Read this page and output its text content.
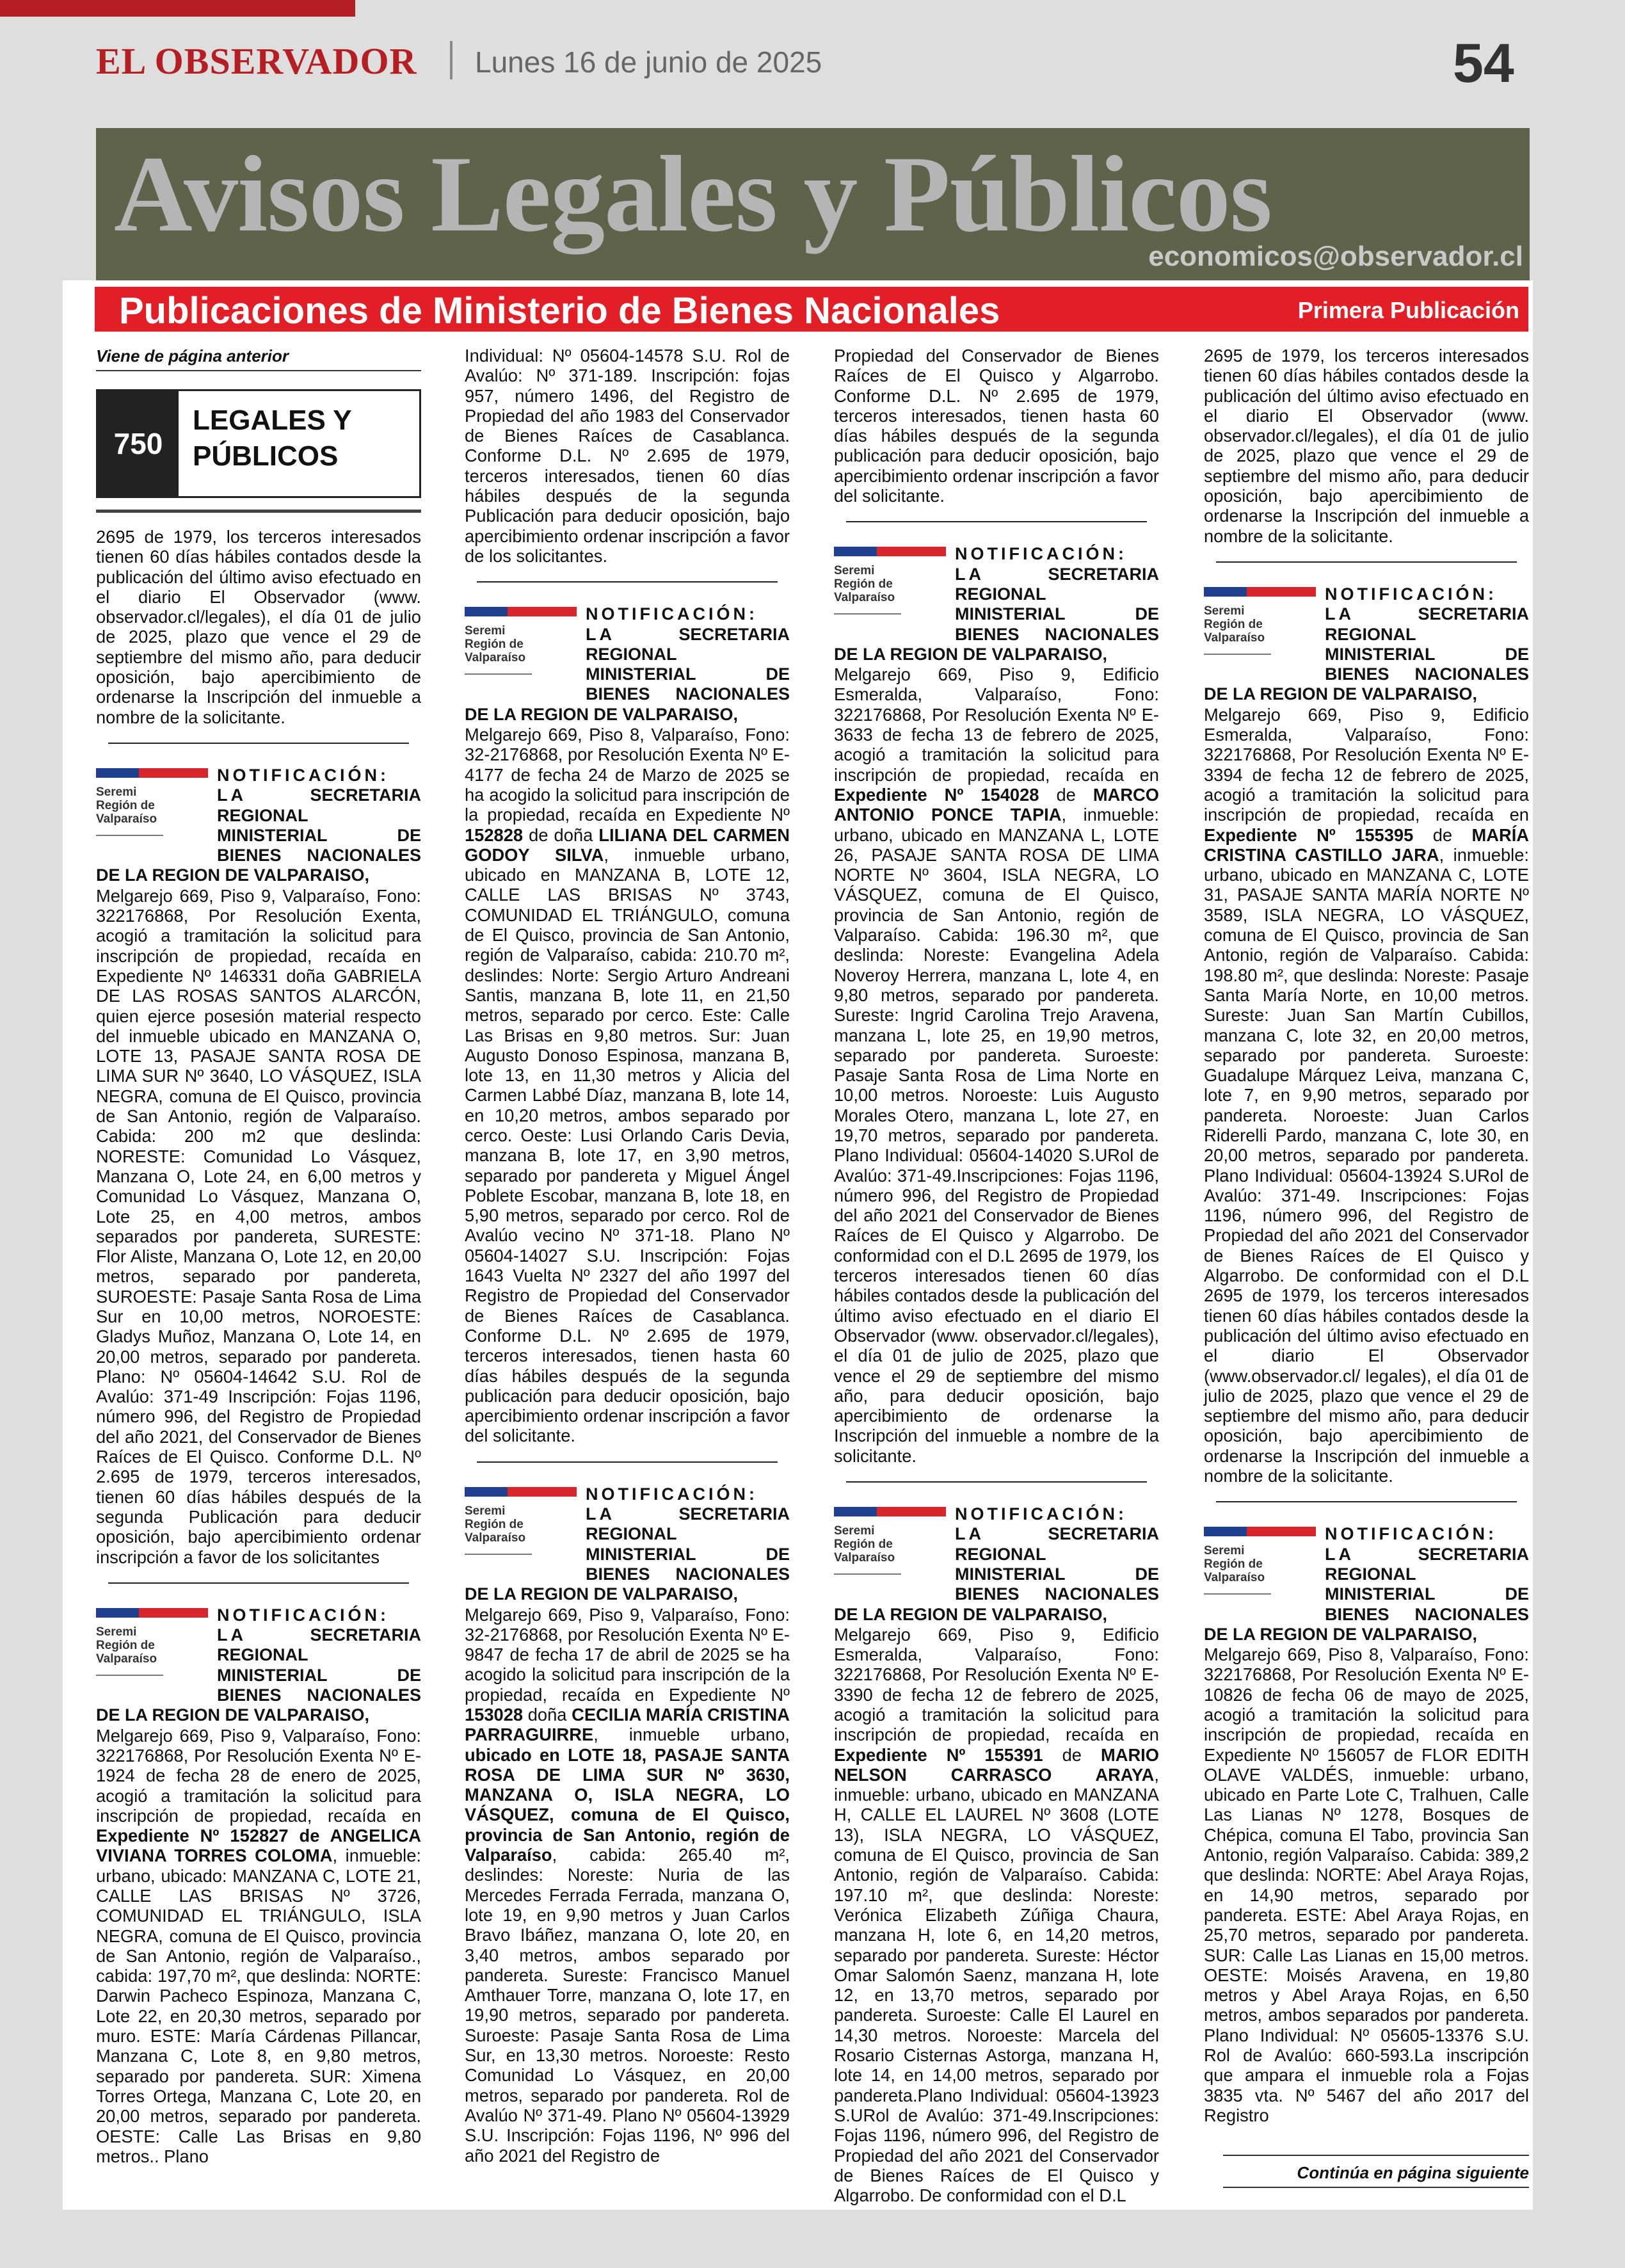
EL OBSERVADOR Lunes 16 de junio de 2025	54
Avisos Legales y Públicos
economicos@observador.cl
Publicaciones de Ministerio de Bienes Nacionales	Primera Publicación
Viene de página anterior
750
LEGALES Y
PÚBLICOS

2695 de 1979, los terceros interesados tienen 60 días hábiles contados desde la publicación del último aviso efectuado en el diario El Observador (www. observador.cl/legales), el día 01 de julio de 2025, plazo que vence el 29 de septiembre del mismo año, para deducir oposición, bajo apercibimiento de ordenarse la Inscripción del inmueble a nombre de la solicitante.

Seremi
Región de
Valparaíso
NOTIFICACIÓN: LA	SECRETARIA REGIONAL MINISTERIAL DE BIENES NACIONALES DE LA REGION DE VALPARAISO,

Melgarejo 669, Piso 9, Valparaíso, Fono: 322176868, Por Resolución Exenta, acogió a tramitación la solicitud para inscripción de propiedad, recaída en Expediente Nº 146331 doña GABRIELA DE LAS ROSAS SANTOS ALARCÓN, quien ejerce posesión material respecto del inmueble ubicado en MANZANA O, LOTE 13, PASAJE SANTA ROSA DE LIMA SUR Nº 3640, LO VÁSQUEZ, ISLA NEGRA, comuna de El Quisco, provincia de San Antonio, región de Valparaíso. Cabida: 200 m2 que deslinda: NORESTE: Comunidad Lo Vásquez, Manzana O, Lote 24, en 6,00 metros y Comunidad Lo Vásquez, Manzana O, Lote 25, en 4,00 metros, ambos separados por pandereta, SURESTE: Flor Aliste, Manzana O, Lote 12, en 20,00 metros, separado por pandereta, SUROESTE: Pasaje Santa Rosa de Lima Sur en 10,00 metros, NOROESTE: Gladys Muñoz, Manzana O, Lote 14, en 20,00 metros, separado por pandereta. Plano: Nº 05604-14642 S.U. Rol de Avalúo: 371-49 Inscripción: Fojas 1196, número 996, del Registro de Propiedad del año 2021, del Conservador de Bienes Raíces de El Quisco. Conforme D.L. Nº 2.695 de 1979, terceros interesados, tienen 60 días hábiles después de la segunda Publicación para deducir oposición, bajo apercibimiento ordenar inscripción a favor de los solicitantes

Seremi
Región de
Valparaíso
NOTIFICACIÓN: LA	SECRETARIA REGIONAL MINISTERIAL DE BIENES NACIONALES DE LA REGION DE VALPARAISO,

Melgarejo 669, Piso 9, Valparaíso, Fono: 322176868, Por Resolución Exenta Nº E-1924 de fecha 28 de enero de 2025, acogió a tramitación la solicitud para inscripción de propiedad, recaída en Expediente Nº 152827 de ANGELICA VIVIANA TORRES COLOMA, inmueble: urbano, ubicado: MANZANA C, LOTE 21, CALLE LAS BRISAS Nº 3726, COMUNIDAD EL TRIÁNGULO, ISLA NEGRA, comuna de El Quisco, provincia de San Antonio, región de Valparaíso., cabida: 197,70 m², que deslinda: NORTE: Darwin Pacheco Espinoza, Manzana C, Lote 22, en 20,30 metros, separado por muro. ESTE: María Cárdenas Pillancar, Manzana C, Lote 8, en 9,80 metros, separado por pandereta. SUR: Ximena Torres Ortega, Manzana C, Lote 20, en 20,00 metros, separado por pandereta. OESTE: Calle Las Brisas en 9,80 metros.. Plano

Individual: Nº 05604-14578 S.U. Rol de Avalúo: Nº 371-189. Inscripción: fojas 957, número 1496, del Registro de Propiedad del año 1983 del Conservador de Bienes Raíces de Casablanca. Conforme D.L. Nº 2.695 de 1979, terceros interesados, tienen 60 días hábiles después de la segunda Publicación para deducir oposición, bajo apercibimiento ordenar inscripción a favor de los solicitantes.

Seremi
Región de
Valparaíso
NOTIFICACIÓN: LA	SECRETARIA REGIONAL MINISTERIAL DE BIENES NACIONALES DE LA REGION DE VALPARAISO,

Melgarejo 669, Piso 8, Valparaíso, Fono: 32-2176868, por Resolución Exenta Nº E-4177 de fecha 24 de Marzo de 2025 se ha acogido la solicitud para inscripción de la propiedad, recaída en Expediente Nº 152828 de doña LILIANA DEL CARMEN GODOY SILVA, inmueble urbano, ubicado en MANZANA B, LOTE 12, CALLE LAS BRISAS Nº 3743, COMUNIDAD EL TRIÁNGULO, comuna de El Quisco, provincia de San Antonio, región de Valparaíso, cabida: 210.70 m², deslindes: Norte: Sergio Arturo Andreani Santis, manzana B, lote 11, en 21,50 metros, separado por cerco. Este: Calle Las Brisas en 9,80 metros. Sur: Juan Augusto Donoso Espinosa, manzana B, lote 13, en 11,30 metros y Alicia del Carmen Labbé Díaz, manzana B, lote 14, en 10,20 metros, ambos separado por cerco. Oeste: Lusi Orlando Caris Devia, manzana B, lote 17, en 3,90 metros, separado por pandereta y Miguel Ángel Poblete Escobar, manzana B, lote 18, en 5,90 metros, separado por cerco. Rol de Avalúo vecino Nº 371-18. Plano Nº 05604-14027 S.U. Inscripción: Fojas 1643 Vuelta Nº 2327 del año 1997 del Registro de Propiedad del Conservador de Bienes Raíces de Casablanca. Conforme D.L. Nº 2.695 de 1979, terceros interesados, tienen hasta 60 días hábiles después de la segunda publicación para deducir oposición, bajo apercibimiento ordenar inscripción a favor del solicitante.

Seremi
Región de
Valparaíso
NOTIFICACIÓN: LA	SECRETARIA REGIONAL MINISTERIAL DE BIENES NACIONALES DE LA REGION DE VALPARAISO,

Melgarejo 669, Piso 9, Valparaíso, Fono: 32-2176868, por Resolución Exenta Nº E-9847 de fecha 17 de abril de 2025 se ha acogido la solicitud para inscripción de la propiedad, recaída en Expediente Nº 153028 doña CECILIA MARÍA CRISTINA PARRAGUIRRE, inmueble urbano, ubicado en LOTE 18, PASAJE SANTA ROSA DE LIMA SUR Nº 3630, MANZANA O, ISLA NEGRA, LO VÁSQUEZ, comuna de El Quisco, provincia de San Antonio, región de Valparaíso, cabida: 265.40 m², deslindes: Noreste: Nuria de las Mercedes Ferrada Ferrada, manzana O, lote 19, en 9,90 metros y Juan Carlos Bravo Ibáñez, manzana O, lote 20, en 3,40 metros, ambos separado por pandereta. Sureste: Francisco Manuel Amthauer Torre, manzana O, lote 17, en 19,90 metros, separado por pandereta. Suroeste: Pasaje Santa Rosa de Lima Sur, en 13,30 metros. Noroeste: Resto Comunidad Lo Vásquez, en 20,00 metros, separado por pandereta. Rol de Avalúo Nº 371-49. Plano Nº 05604-13929 S.U. Inscripción: Fojas 1196, Nº 996 del año 2021 del Registro de

Propiedad del Conservador de Bienes Raíces de El Quisco y Algarrobo. Conforme D.L. Nº 2.695 de 1979, terceros interesados, tienen hasta 60 días hábiles después de la segunda publicación para deducir oposición, bajo apercibimiento ordenar inscripción a favor del solicitante.

Seremi
Región de
Valparaíso
NOTIFICACIÓN: LA	SECRETARIA REGIONAL MINISTERIAL DE BIENES NACIONALES DE LA REGION DE VALPARAISO,

Melgarejo 669, Piso 9, Edificio Esmeralda, Valparaíso, Fono: 322176868, Por Resolución Exenta Nº E-3633 de fecha 13 de febrero de 2025, acogió a tramitación la solicitud para inscripción de propiedad, recaída en Expediente Nº 154028 de MARCO ANTONIO PONCE TAPIA, inmueble: urbano, ubicado en MANZANA L, LOTE 26, PASAJE SANTA ROSA DE LIMA NORTE Nº 3604, ISLA NEGRA, LO VÁSQUEZ, comuna de El Quisco, provincia de San Antonio, región de Valparaíso. Cabida: 196.30 m², que deslinda: Noreste: Evangelina Adela Noveroy Herrera, manzana L, lote 4, en 9,80 metros, separado por pandereta. Sureste: Ingrid Carolina Trejo Aravena, manzana L, lote 25, en 19,90 metros, separado por pandereta. Suroeste: Pasaje Santa Rosa de Lima Norte en 10,00 metros. Noroeste: Luis Augusto Morales Otero, manzana L, lote 27, en 19,70 metros, separado por pandereta. Plano Individual: 05604-14020 S.URol de Avalúo: 371-49.Inscripciones: Fojas 1196, número 996, del Registro de Propiedad del año 2021 del Conservador de Bienes Raíces de El Quisco y Algarrobo. De conformidad con el D.L 2695 de 1979, los terceros interesados tienen 60 días hábiles contados desde la publicación del último aviso efectuado en el diario El Observador (www. observador.cl/legales), el día 01 de julio de 2025, plazo que vence el 29 de septiembre del mismo año, para deducir oposición, bajo apercibimiento de ordenarse la Inscripción del inmueble a nombre de la solicitante.

Seremi
Región de
Valparaíso
NOTIFICACIÓN: LA	SECRETARIA REGIONAL MINISTERIAL DE BIENES NACIONALES DE LA REGION DE VALPARAISO,

Melgarejo 669, Piso 9, Edificio Esmeralda, Valparaíso, Fono: 322176868, Por Resolución Exenta Nº E-3390 de fecha 12 de febrero de 2025, acogió a tramitación la solicitud para inscripción de propiedad, recaída en Expediente Nº 155391 de MARIO NELSON CARRASCO ARAYA, inmueble: urbano, ubicado en MANZANA H, CALLE EL LAUREL Nº 3608 (LOTE 13), ISLA NEGRA, LO VÁSQUEZ, comuna de El Quisco, provincia de San Antonio, región de Valparaíso. Cabida: 197.10 m², que deslinda: Noreste: Verónica Elizabeth Zúñiga Chaura, manzana H, lote 6, en 14,20 metros, separado por pandereta. Sureste: Héctor Omar Salomón Saenz, manzana H, lote 12, en 13,70 metros, separado por pandereta. Suroeste: Calle El Laurel en 14,30 metros. Noroeste: Marcela del Rosario Cisternas Astorga, manzana H, lote 14, en 14,00 metros, separado por pandereta.Plano Individual: 05604-13923 S.URol de Avalúo: 371-49.Inscripciones: Fojas 1196, número 996, del Registro de Propiedad del año 2021 del Conservador de Bienes Raíces de El Quisco y Algarrobo. De conformidad con el D.L

2695 de 1979, los terceros interesados tienen 60 días hábiles contados desde la publicación del último aviso efectuado en el diario El Observador (www. observador.cl/legales), el día 01 de julio de 2025, plazo que vence el 29 de septiembre del mismo año, para deducir oposición, bajo apercibimiento de ordenarse la Inscripción del inmueble a nombre de la solicitante.

Seremi
Región de
Valparaíso
NOTIFICACIÓN: LA	SECRETARIA REGIONAL MINISTERIAL DE BIENES NACIONALES DE LA REGION DE VALPARAISO,

Melgarejo 669, Piso 9, Edificio Esmeralda, Valparaíso, Fono: 322176868, Por Resolución Exenta Nº E-3394 de fecha 12 de febrero de 2025, acogió a tramitación la solicitud para inscripción de propiedad, recaída en Expediente Nº 155395 de MARÍA CRISTINA CASTILLO JARA, inmueble: urbano, ubicado en MANZANA C, LOTE 31, PASAJE SANTA MARÍA NORTE Nº 3589, ISLA NEGRA, LO VÁSQUEZ, comuna de El Quisco, provincia de San Antonio, región de Valparaíso. Cabida: 198.80 m², que deslinda: Noreste: Pasaje Santa María Norte, en 10,00 metros. Sureste: Juan San Martín Cubillos, manzana C, lote 32, en 20,00 metros, separado por pandereta. Suroeste: Guadalupe Márquez Leiva, manzana C, lote 7, en 9,90 metros, separado por pandereta. Noroeste: Juan Carlos Riderelli Pardo, manzana C, lote 30, en 20,00 metros, separado por pandereta. Plano Individual: 05604-13924 S.URol de Avalúo: 371-49. Inscripciones: Fojas 1196, número 996, del Registro de Propiedad del año 2021 del Conservador de Bienes Raíces de El Quisco y Algarrobo. De conformidad con el D.L 2695 de 1979, los terceros interesados tienen 60 días hábiles contados desde la publicación del último aviso efectuado en el diario El Observador (www.observador.cl/ legales), el día 01 de julio de 2025, plazo que vence el 29 de septiembre del mismo año, para deducir oposición, bajo apercibimiento de ordenarse la Inscripción del inmueble a nombre de la solicitante.

Seremi
Región de
Valparaíso
NOTIFICACIÓN: LA	SECRETARIA REGIONAL MINISTERIAL DE BIENES NACIONALES DE LA REGION DE VALPARAISO,

Melgarejo 669, Piso 8, Valparaíso, Fono: 322176868, Por Resolución Exenta Nº E-10826 de fecha 06 de mayo de 2025, acogió a tramitación la solicitud para inscripción de propiedad, recaída en Expediente Nº 156057 de FLOR EDITH OLAVE VALDÉS, inmueble: urbano, ubicado en Parte Lote C, Tralhuen, Calle Las Lianas Nº 1278, Bosques de Chépica, comuna El Tabo, provincia San Antonio, región Valparaíso. Cabida: 389,2 que deslinda: NORTE: Abel Araya Rojas, en 14,90 metros, separado por pandereta. ESTE: Abel Araya Rojas, en 25,70 metros, separado por pandereta. SUR: Calle Las Lianas en 15,00 metros. OESTE: Moisés Aravena, en 19,80 metros y Abel Araya Rojas, en 6,50 metros, ambos separados por pandereta. Plano Individual: Nº 05605-13376 S.U. Rol de Avalúo: 660-593.La inscripción que ampara el inmueble rola a Fojas 3835 vta. Nº 5467 del año 2017 del Registro

Continúa en página siguiente
